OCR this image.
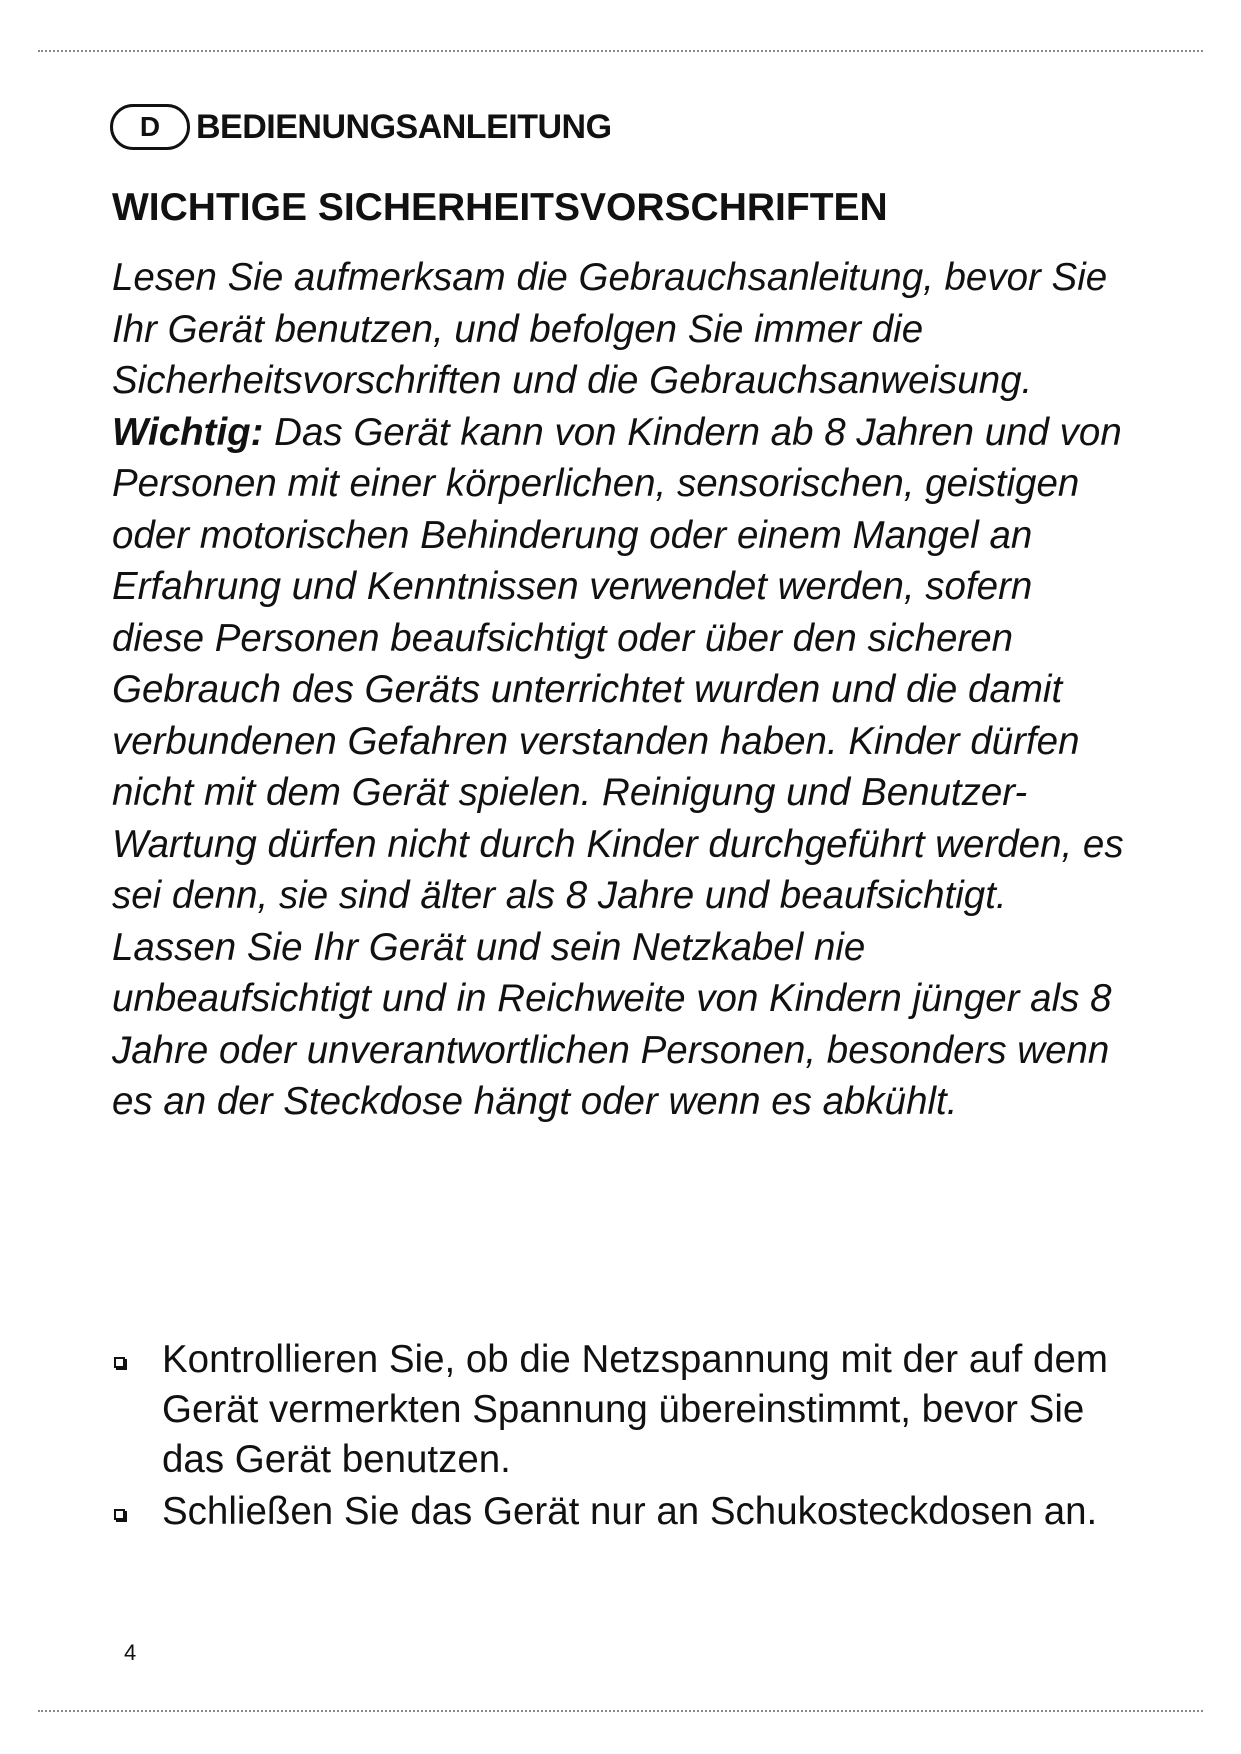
D	BEDIENUNGSANLEITUNG
WICHTIGE SICHERHEITSVORSCHRIFTEN

Lesen Sie aufmerksam die Gebrauchsanleitung, bevor Sie Ihr Gerät benutzen, und befolgen Sie immer die Sicherheitsvorschriften und die Gebrauchsanweisung.

Wichtig: Das Gerät kann von Kindern ab 8 Jahren und von Personen mit einer körperlichen, sensorischen, geistigen oder motorischen Behinderung oder einem Mangel an Erfahrung und Kenntnissen verwendet werden, sofern diese Personen beaufsichtigt oder über den sicheren Gebrauch des Geräts unterrichtet wurden und die damit verbundenen Gefahren verstanden haben. Kinder dürfen nicht mit dem Gerät spielen. Reinigung und Benutzer-Wartung dürfen nicht durch Kinder durchgeführt werden, es sei denn, sie sind älter als 8 Jahre und beaufsichtigt. Lassen Sie Ihr Gerät und sein Netzkabel nie unbeaufsichtigt und in Reichweite von Kindern jünger als 8 Jahre oder unverantwortlichen Personen, besonders wenn es an der Steckdose hängt oder wenn es abkühlt.

Kontrollieren Sie, ob die Netzspannung mit der auf dem Gerät vermerkten Spannung übereinstimmt, bevor Sie das Gerät benutzen.
Schließen Sie das Gerät nur an Schukosteckdosen an.
4
